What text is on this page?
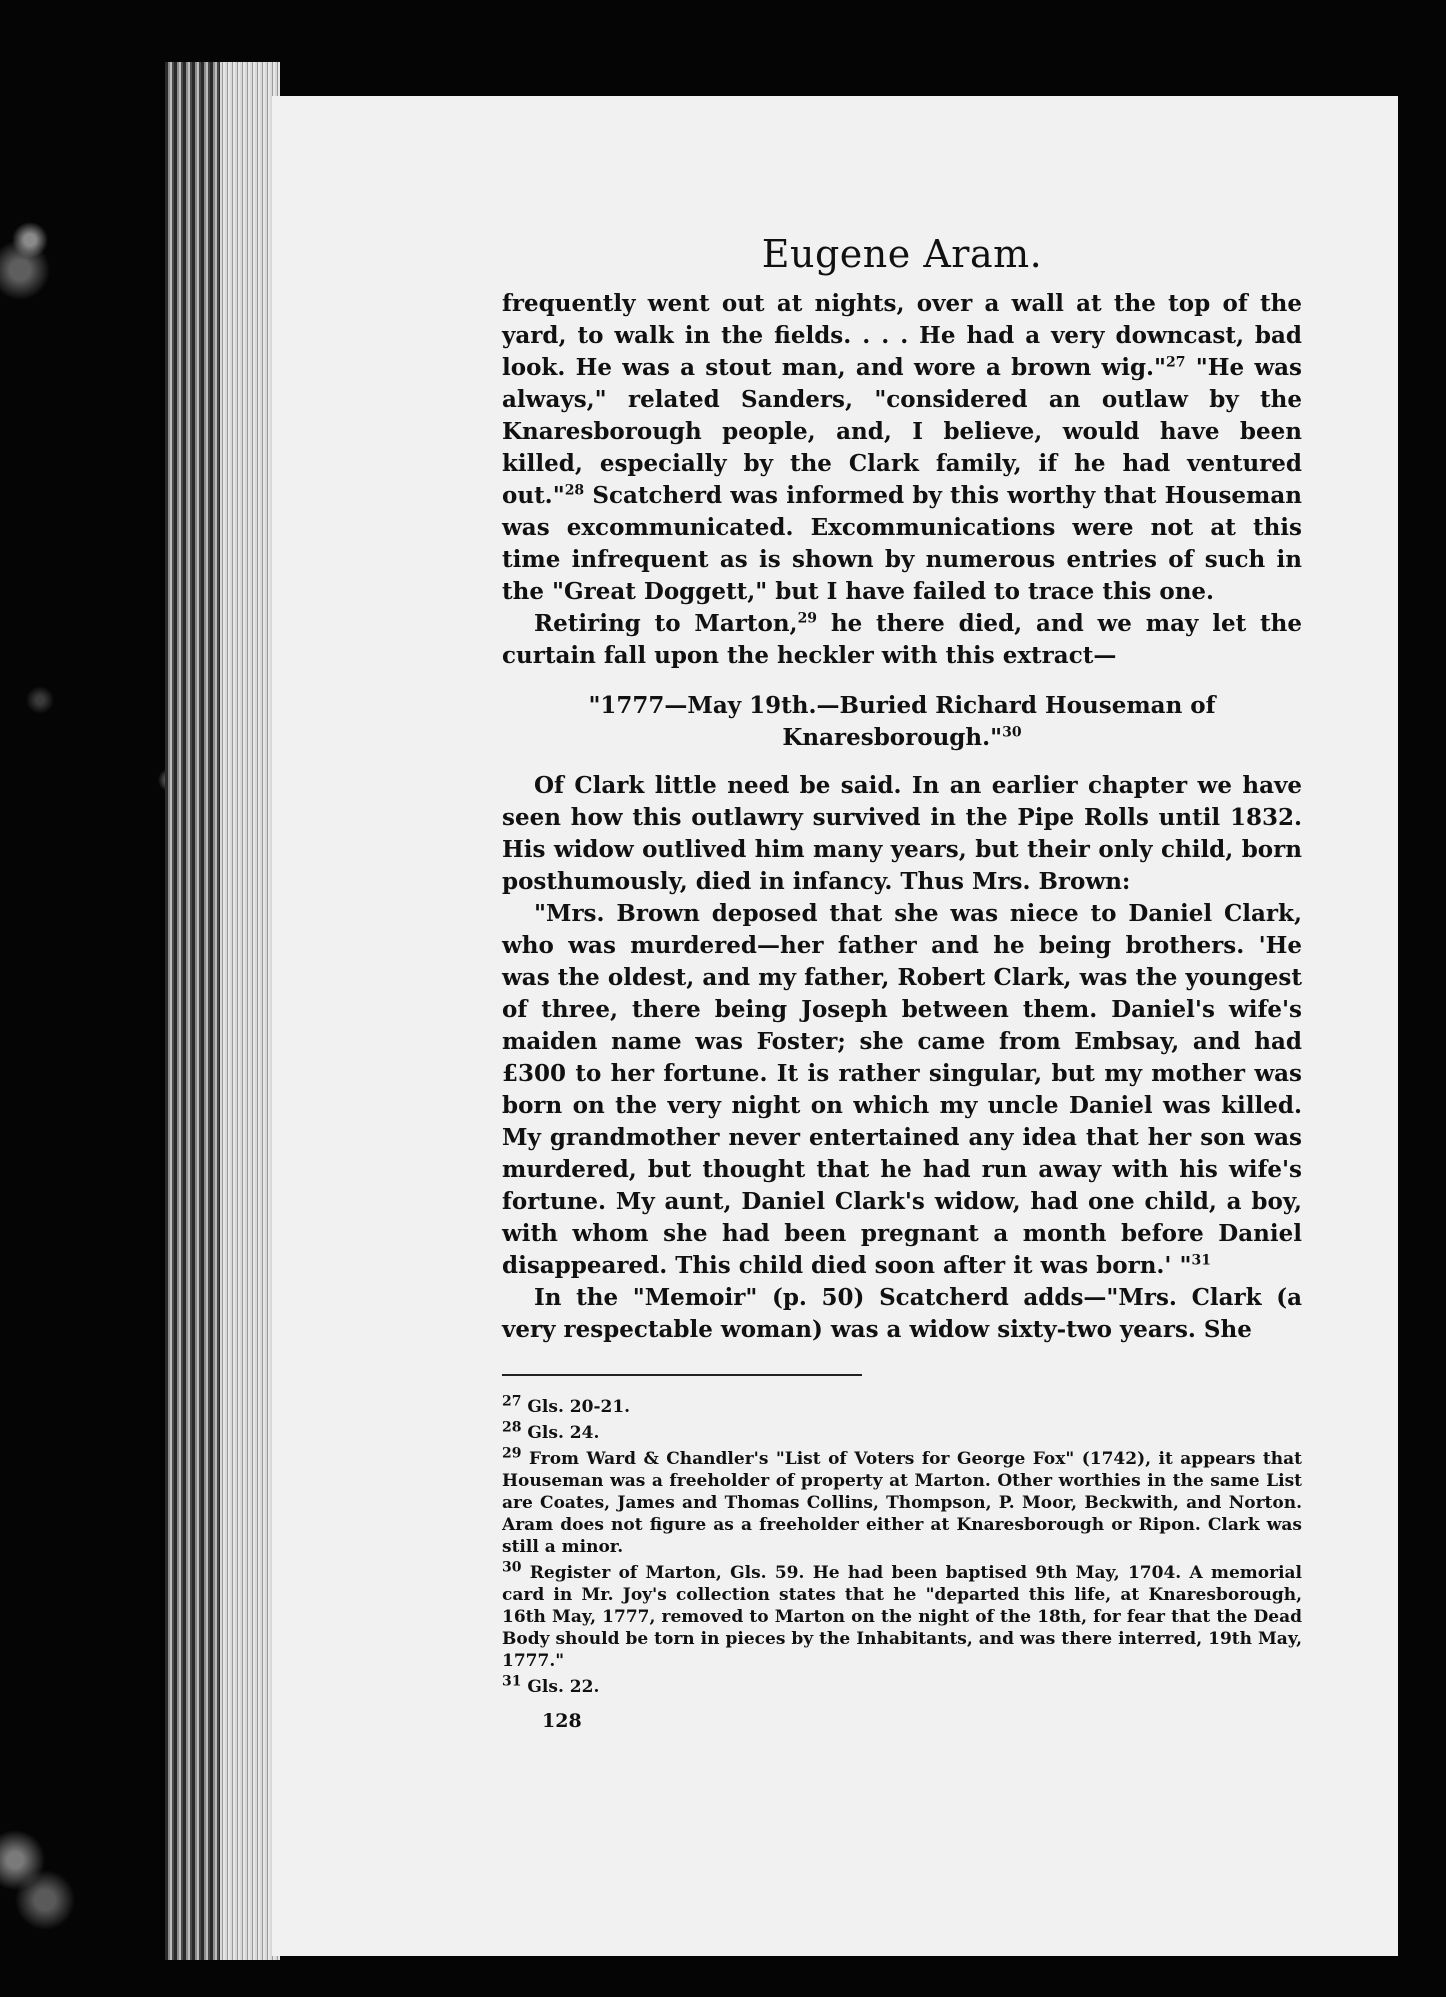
Eugene Aram.

frequently went out at nights, over a wall at the top of the yard, to walk in the fields. . . . He had a very downcast, bad look. He was a stout man, and wore a brown wig."$^{27}$ "He was always," related Sanders, "considered an outlaw by the Knaresborough people, and, I believe, would have been killed, especially by the Clark family, if he had ventured out."$^{28}$ Scatcherd was informed by this worthy that Houseman was excommunicated. Excommunications were not at this time infrequent as is shown by numerous entries of such in the "Great Doggett," but I have failed to trace this one.

Retiring to Marton,$^{29}$ he there died, and we may let the curtain fall upon the heckler with this extract—

"1777—May 19th.—Buried Richard Houseman of
Knaresborough."$^{30}$

Of Clark little need be said. In an earlier chapter we have seen how this outlawry survived in the Pipe Rolls until 1832. His widow outlived him many years, but their only child, born posthumously, died in infancy. Thus Mrs. Brown:

"Mrs. Brown deposed that she was niece to Daniel Clark, who was murdered—her father and he being brothers. 'He was the oldest, and my father, Robert Clark, was the youngest of three, there being Joseph between them. Daniel's wife's maiden name was Foster; she came from Embsay, and had £300 to her fortune. It is rather singular, but my mother was born on the very night on which my uncle Daniel was killed. My grandmother never entertained any idea that her son was murdered, but thought that he had run away with his wife's fortune. My aunt, Daniel Clark's widow, had one child, a boy, with whom she had been pregnant a month before Daniel disappeared. This child died soon after it was born.' "$^{31}$

In the "Memoir" (p. 50) Scatcherd adds—"Mrs. Clark (a very respectable woman) was a widow sixty-two years. She

$^{27}$ Gls. 20-21.

$^{28}$ Gls. 24.

$^{29}$ From Ward & Chandler's "List of Voters for George Fox" (1742), it appears that Houseman was a freeholder of property at Marton. Other worthies in the same List are Coates, James and Thomas Collins, Thompson, P. Moor, Beckwith, and Norton. Aram does not figure as a freeholder either at Knaresborough or Ripon. Clark was still a minor.

$^{30}$ Register of Marton, Gls. 59. He had been baptised 9th May, 1704. A memorial card in Mr. Joy's collection states that he "departed this life, at Knaresborough, 16th May, 1777, removed to Marton on the night of the 18th, for fear that the Dead Body should be torn in pieces by the Inhabitants, and was there interred, 19th May, 1777."

$^{31}$ Gls. 22.

128
